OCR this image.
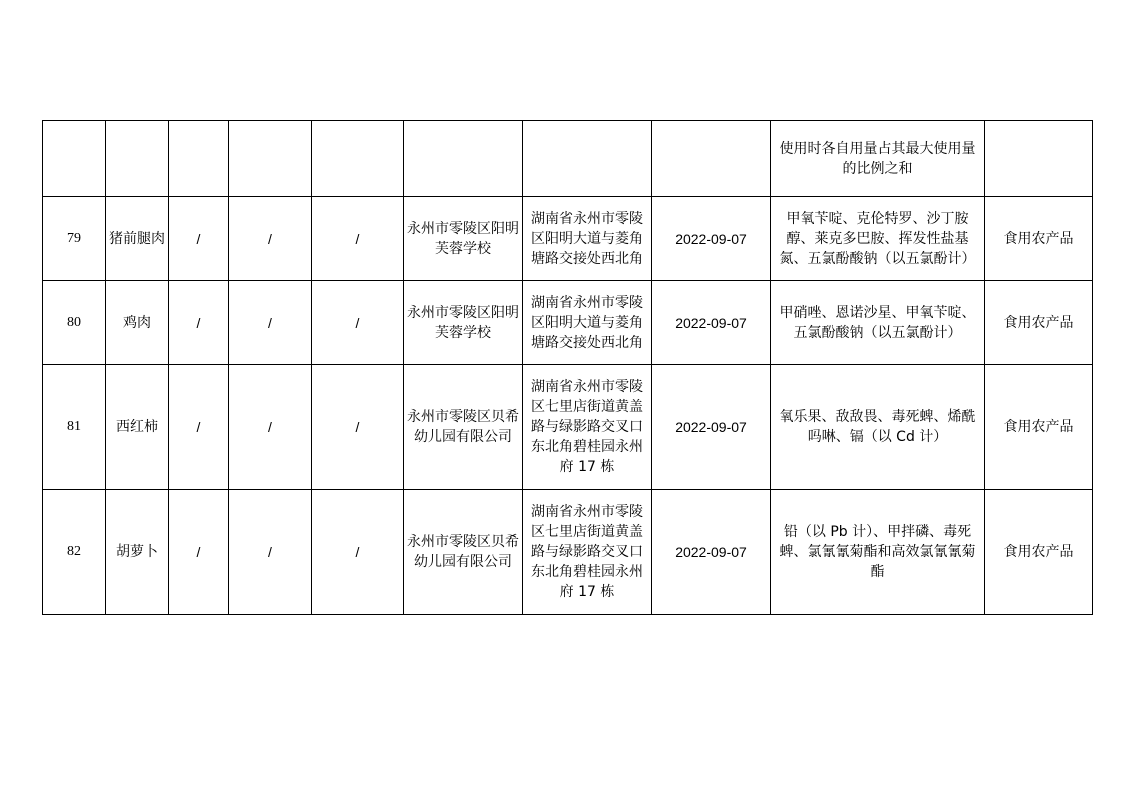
								使用时各自用量占其最大使用量的比例之和	
79	猪前腿肉	/	/	/	永州市零陵区阳明芙蓉学校	湖南省永州市零陵区阳明大道与菱角塘路交接处西北角	2022-09-07	甲氧苄啶、克伦特罗、沙丁胺醇、莱克多巴胺、挥发性盐基氮、五氯酚酸钠（以五氯酚计）	食用农产品
80	鸡肉	/	/	/	永州市零陵区阳明芙蓉学校	湖南省永州市零陵区阳明大道与菱角塘路交接处西北角	2022-09-07	甲硝唑、恩诺沙星、甲氧苄啶、五氯酚酸钠（以五氯酚计）	食用农产品
81	西红柿	/	/	/	永州市零陵区贝希幼儿园有限公司	湖南省永州市零陵区七里店街道黄盖路与绿影路交叉口东北角碧桂园永州府 17 栋	2022-09-07	氧乐果、敌敌畏、毒死蜱、烯酰吗啉、镉（以 Cd 计）	食用农产品
82	胡萝卜	/	/	/	永州市零陵区贝希幼儿园有限公司	湖南省永州市零陵区七里店街道黄盖路与绿影路交叉口东北角碧桂园永州府 17 栋	2022-09-07	铅（以 Pb 计）、甲拌磷、毒死蜱、氯氰氰菊酯和高效氯氰氰菊酯	食用农产品
